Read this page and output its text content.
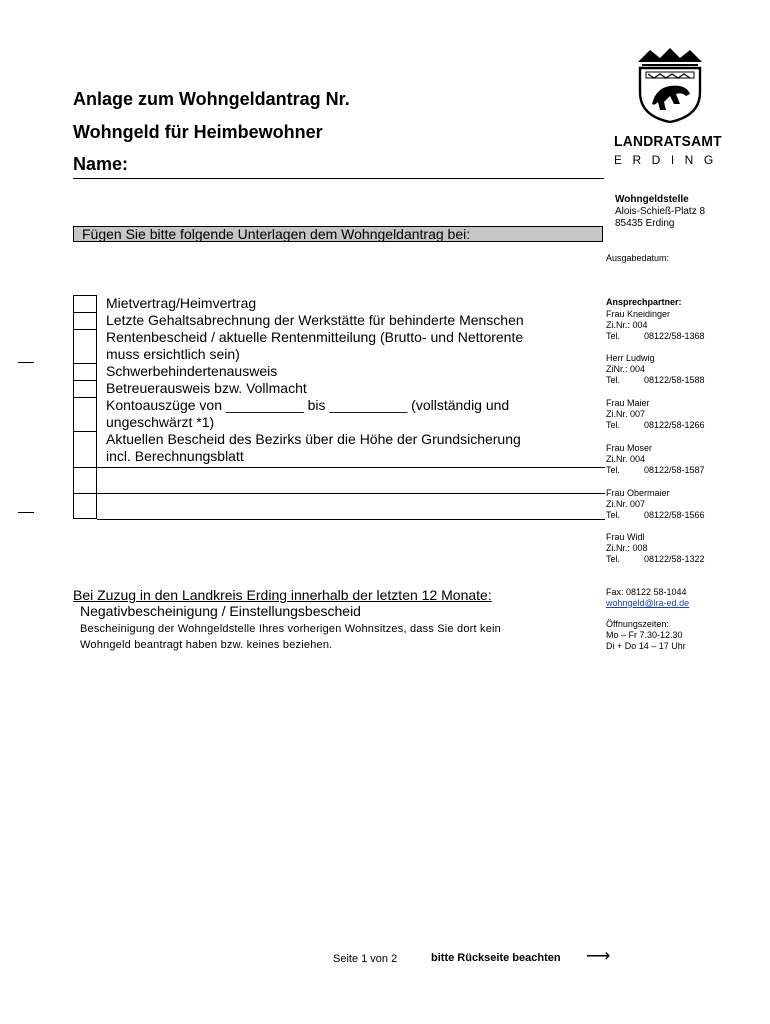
Anlage zum Wohngeldantrag Nr.
Wohngeld für Heimbewohner
Name:
LANDRATSAMT
ERDING
Wohngeldstelle
Alois-Schieß-Platz 8
85435 Erding
Ausgabedatum:
Ansprechpartner:
Frau Kneidinger
Zi.Nr.: 004
Tel.	08122/58-1368
Herr Ludwig
ZiNr.: 004
Tel.	08122/58-1588
Frau Maier
Zi.Nr. 007
Tel.	08122/58-1266
Frau Moser
Zi.Nr. 004
Tel.	08122/58-1587
Frau Obermaier
Zi.Nr. 007
Tel.	08122/58-1566
Frau Widl
Zi.Nr.: 008
Tel.	08122/58-1322
Fax: 08122 58-1044
wohngeld@lra-ed.de
Öffnungszeiten:
Mo – Fr 7.30-12.30
Di + Do 14 – 17 Uhr
Fügen Sie bitte folgende Unterlagen dem Wohngeldantrag bei:
Mietvertrag/Heimvertrag
Letzte Gehaltsabrechnung der Werkstätte für behinderte Menschen
Rentenbescheid / aktuelle Rentenmitteilung (Brutto- und Nettorente
muss ersichtlich sein)
Schwerbehindertenausweis
Betreuerausweis bzw. Vollmacht
Kontoauszüge von __________ bis __________ (vollständig und
ungeschwärzt *1)
Aktuellen Bescheid des Bezirks über die Höhe der Grundsicherung
incl. Berechnungsblatt
Bei Zuzug in den Landkreis Erding innerhalb der letzten 12 Monate:
Negativbescheinigung / Einstellungsbescheid
Bescheinigung der Wohngeldstelle Ihres vorherigen Wohnsitzes, dass Sie dort kein
Wohngeld beantragt haben bzw. keines beziehen.
Seite 1 von 2	bitte Rückseite beachten ⟶
